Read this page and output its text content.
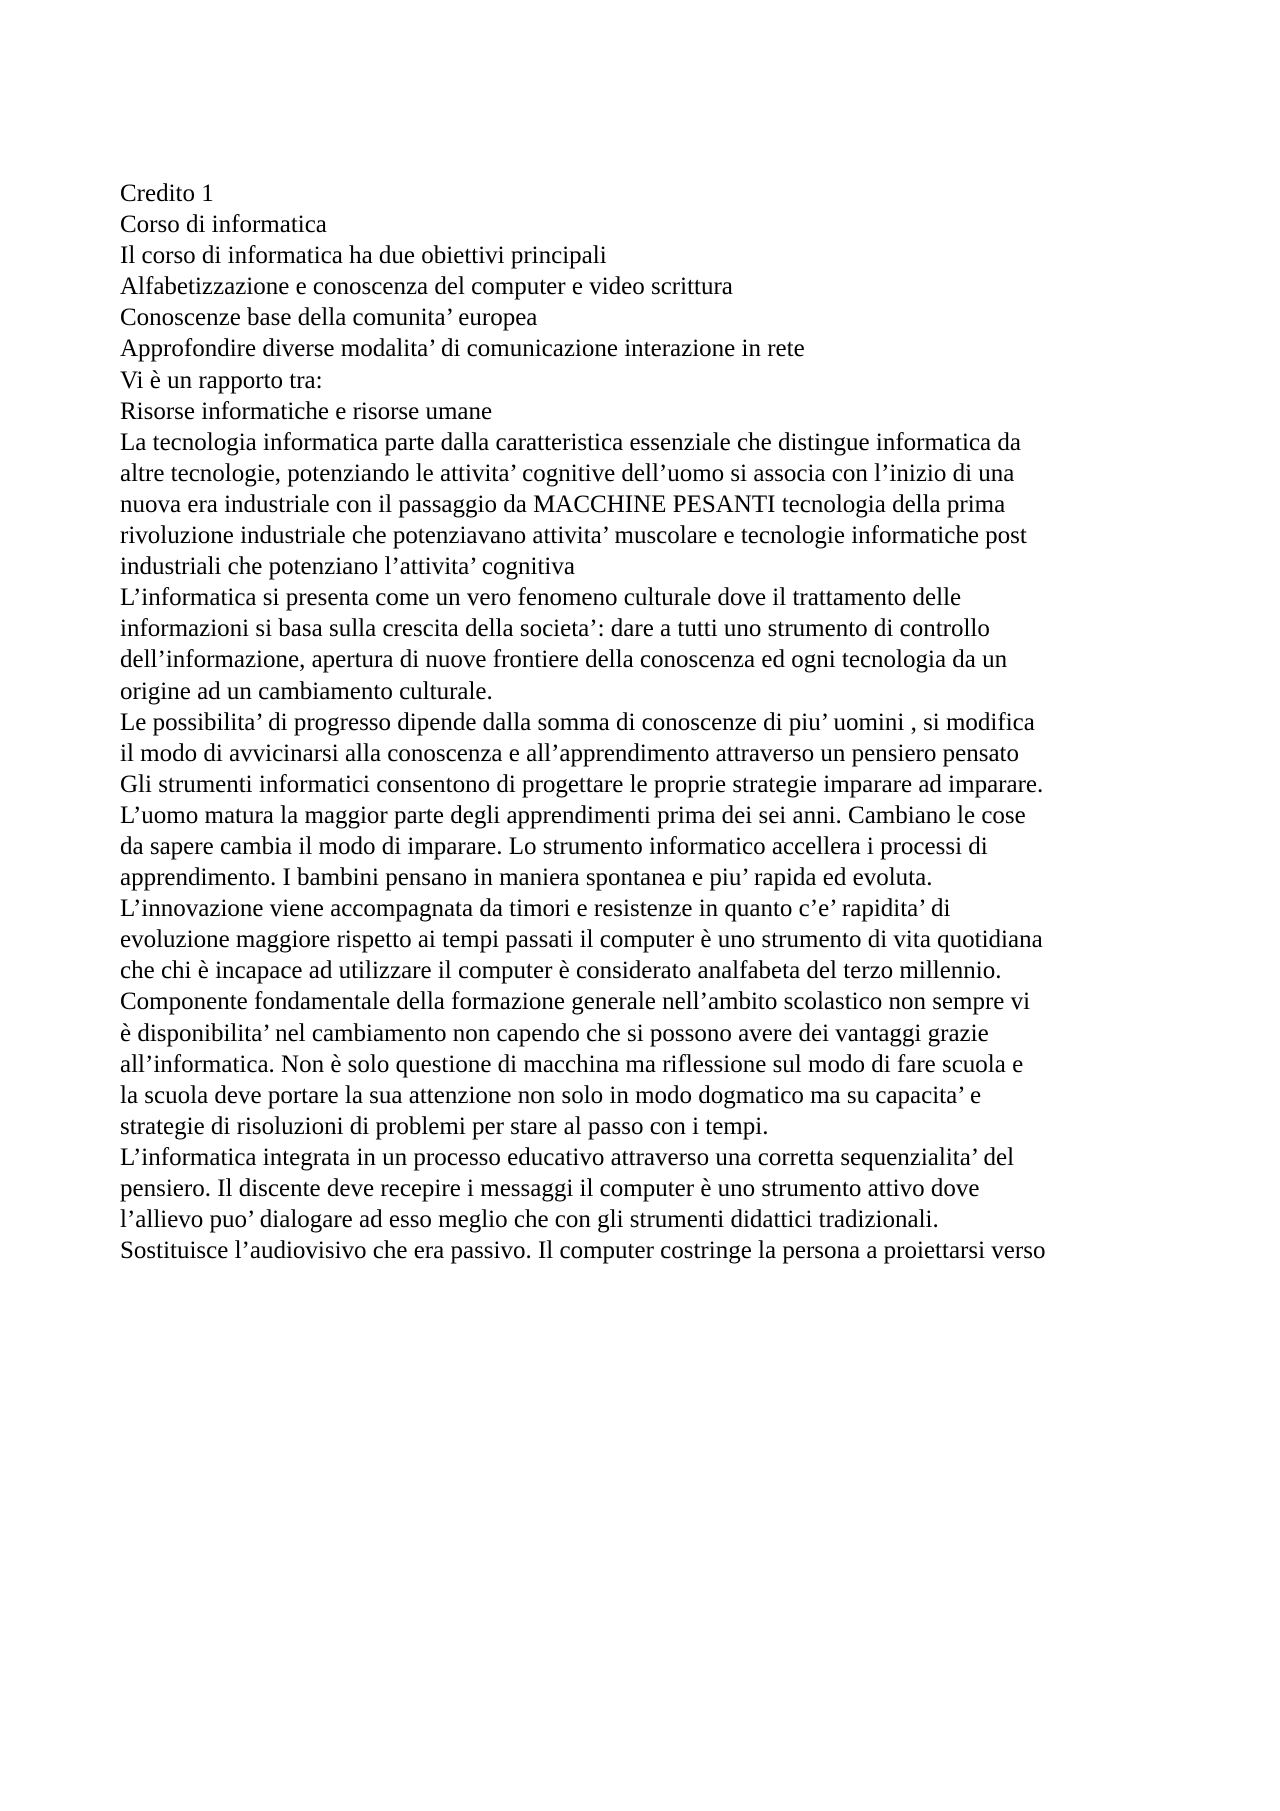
Credito 1

Corso di informatica

Il corso di informatica ha due obiettivi principali

Alfabetizzazione e conoscenza del computer e video scrittura

Conoscenze base della comunita’ europea

Approfondire diverse modalita’ di comunicazione interazione in rete

Vi è un rapporto tra:

Risorse informatiche e risorse umane

La tecnologia informatica parte dalla caratteristica essenziale che distingue informatica da

altre tecnologie, potenziando le attivita’ cognitive dell’uomo si associa con l’inizio di una

nuova era industriale con il passaggio da MACCHINE PESANTI tecnologia della prima

rivoluzione industriale che potenziavano attivita’ muscolare e tecnologie informatiche post

industriali che potenziano l’attivita’ cognitiva

L’informatica si presenta come un vero fenomeno culturale dove il trattamento delle

informazioni si basa sulla crescita della societa’: dare a tutti uno strumento di controllo

dell’informazione, apertura di nuove frontiere della conoscenza ed ogni tecnologia da un

origine ad un cambiamento culturale.

Le possibilita’ di progresso dipende dalla somma di conoscenze di piu’ uomini , si modifica

il modo di avvicinarsi alla conoscenza e all’apprendimento attraverso un pensiero pensato

Gli strumenti informatici consentono di progettare le proprie strategie imparare ad imparare.

L’uomo matura la maggior parte degli apprendimenti prima dei sei anni. Cambiano le cose

da sapere cambia il modo di imparare. Lo strumento informatico accellera i processi di

apprendimento. I bambini pensano in maniera spontanea e piu’ rapida ed evoluta.

L’innovazione viene accompagnata da timori e resistenze in quanto c’e’ rapidita’ di

evoluzione maggiore rispetto ai tempi passati il computer è uno strumento di vita quotidiana

che chi è incapace ad utilizzare il computer è considerato analfabeta del terzo millennio.

Componente fondamentale della formazione generale nell’ambito scolastico non sempre vi

è disponibilita’ nel cambiamento non capendo che si possono avere dei vantaggi grazie

all’informatica. Non è solo questione di macchina ma riflessione sul modo di fare scuola e

la scuola deve portare la sua attenzione non solo in modo dogmatico ma su capacita’ e

strategie di risoluzioni di problemi per stare al passo con i tempi.

L’informatica integrata in un processo educativo attraverso una corretta sequenzialita’ del

pensiero. Il discente deve recepire i messaggi il computer è uno strumento attivo dove

l’allievo puo’ dialogare ad esso meglio che con gli strumenti didattici tradizionali.

Sostituisce l’audiovisivo che era passivo. Il computer costringe la persona a proiettarsi verso
